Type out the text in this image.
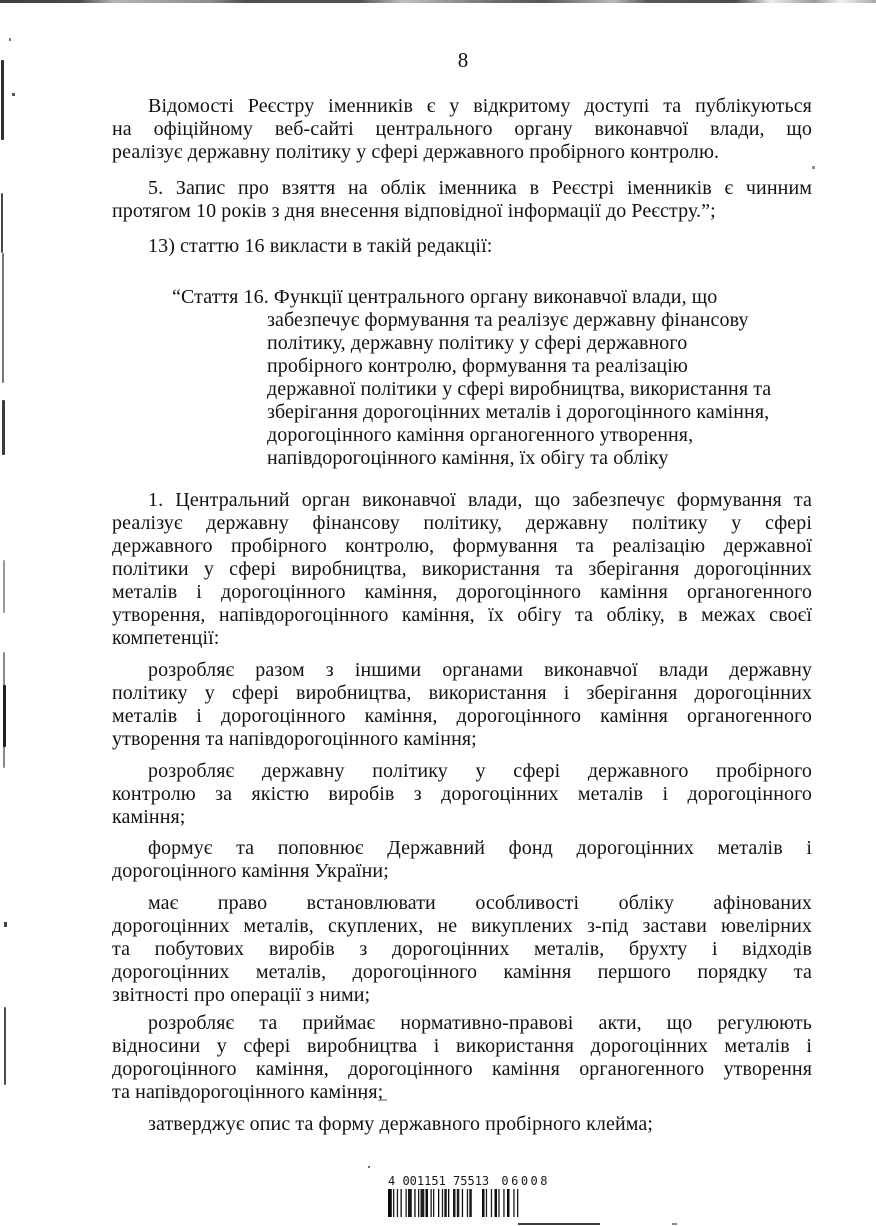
8
Відомості Реєстру іменників є у відкритому доступі та публікуються
на офіційному веб-сайті центрального органу виконавчої влади, що
реалізує державну політику у сфері державного пробірного контролю.
5. Запис про взяття на облік іменника в Реєстрі іменників є чинним
протягом 10 років з дня внесення відповідної інформації до Реєстру.”;
13) статтю 16 викласти в такій редакції:
“Стаття 16. Функції центрального органу виконавчої влади, що
забезпечує формування та реалізує державну фінансову
політику, державну політику у сфері державного
пробірного контролю, формування та реалізацію
державної політики у сфері виробництва, використання та
зберігання дорогоцінних металів і дорогоцінного каміння,
дорогоцінного каміння органогенного утворення,
напівдорогоцінного каміння, їх обігу та обліку
1. Центральний орган виконавчої влади, що забезпечує формування та
реалізує державну фінансову політику, державну політику у сфері
державного пробірного контролю, формування та реалізацію державної
політики у сфері виробництва, використання та зберігання дорогоцінних
металів і дорогоцінного каміння, дорогоцінного каміння органогенного
утворення, напівдорогоцінного каміння, їх обігу та обліку, в межах своєї
компетенції:
розробляє разом з іншими органами виконавчої влади державну
політику у сфері виробництва, використання і зберігання дорогоцінних
металів і дорогоцінного каміння, дорогоцінного каміння органогенного
утворення та напівдорогоцінного каміння;
розробляє державну політику у сфері державного пробірного
контролю за якістю виробів з дорогоцінних металів і дорогоцінного
каміння;
формує та поповнює Державний фонд дорогоцінних металів і
дорогоцінного каміння України;
має право встановлювати особливості обліку афінованих
дорогоцінних металів, скуплених, не викуплених з-під застави ювелірних
та побутових виробів з дорогоцінних металів, брухту і відходів
дорогоцінних металів, дорогоцінного каміння першого порядку та
звітності про операції з ними;
розробляє та приймає нормативно-правові акти, що регулюють
відносини у сфері виробництва і використання дорогоцінних металів і
дорогоцінного каміння, дорогоцінного каміння органогенного утворення
та напівдорогоцінного каміння;
затверджує опис та форму державного пробірного клейма;
4 001151 75513 06008
